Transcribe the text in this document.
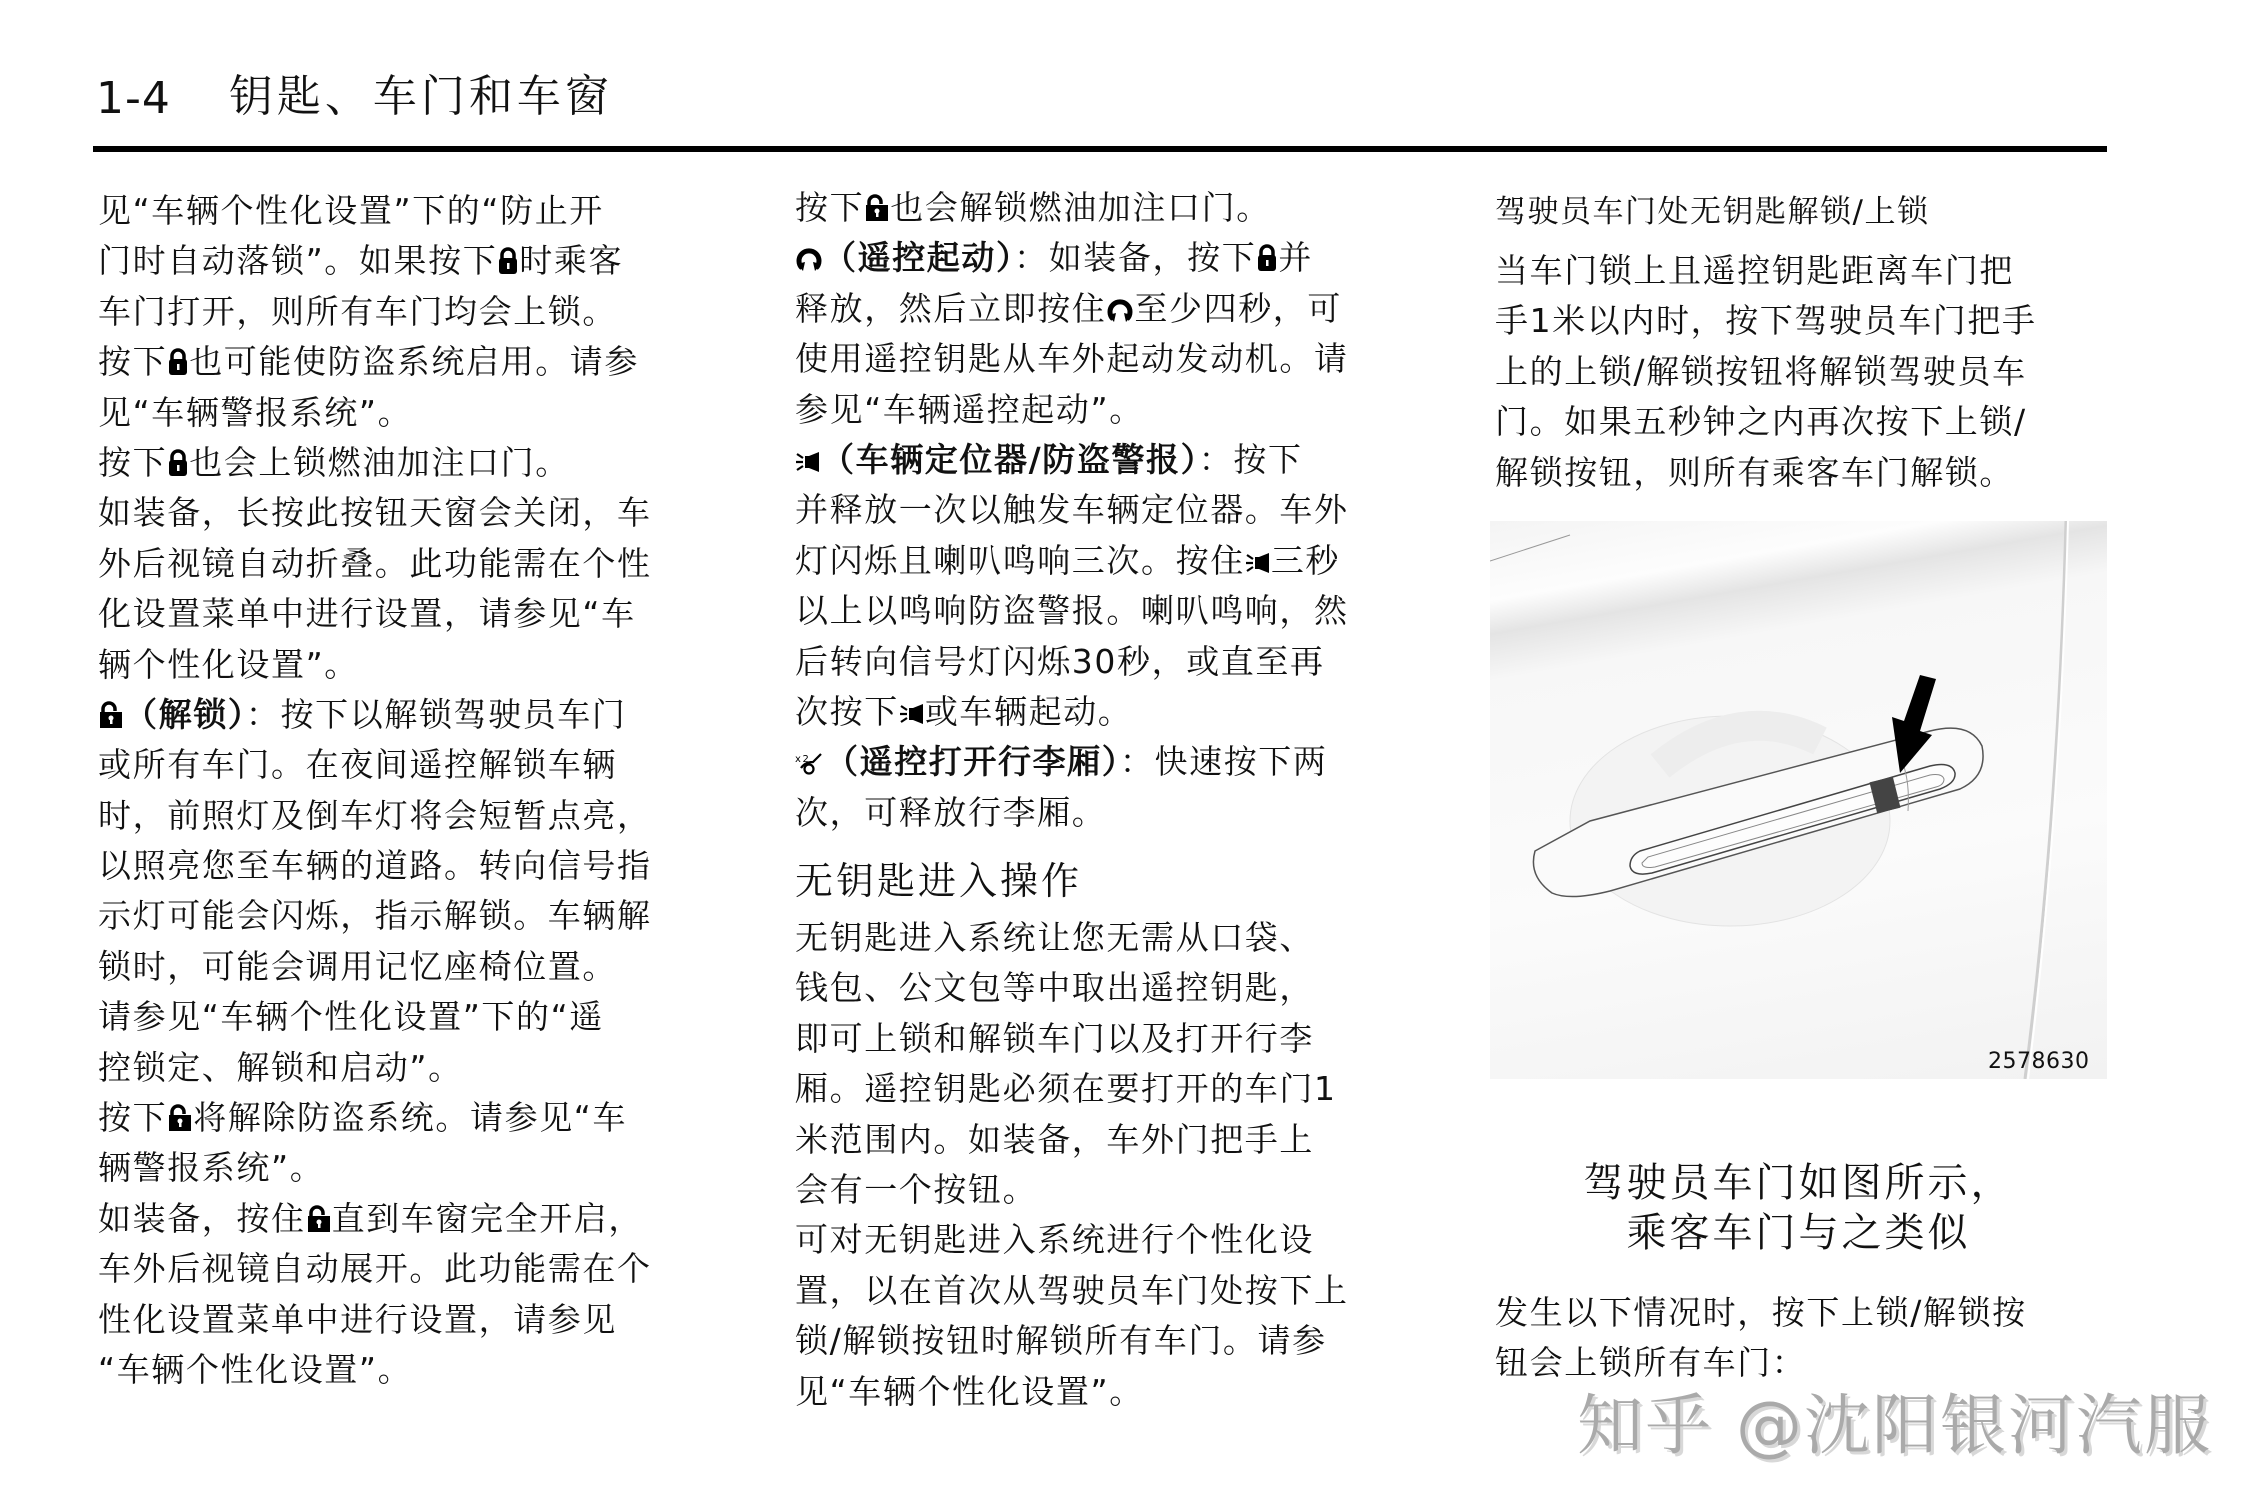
1-4 钥匙、车门和车窗
见“车辆个性化设置”下的“防止开
门时自动落锁”。如果按下 时乘客
车门打开，则所有车门均会上锁。
按下 也可能使防盗系统启用。请参
见“车辆警报系统”。
按下 也会上锁燃油加注口门。
如装备，长按此按钮天窗会关闭，车
外后视镜自动折叠。此功能需在个性
化设置菜单中进行设置，请参见“车
辆个性化设置”。
（解锁）：按下以解锁驾驶员车门
或所有车门。在夜间遥控解锁车辆
时，前照灯及倒车灯将会短暂点亮，
以照亮您至车辆的道路。转向信号指
示灯可能会闪烁，指示解锁。车辆解
锁时，可能会调用记忆座椅位置。
请参见“车辆个性化设置”下的“遥
控锁定、解锁和启动”。
按下 将解除防盗系统。请参见“车
辆警报系统”。
如装备，按住 直到车窗完全开启，
车外后视镜自动展开。此功能需在个
性化设置菜单中进行设置，请参见
“车辆个性化设置”。
按下 也会解锁燃油加注口门。
（遥控起动）：如装备，按下 并
释放，然后立即按住 至少四秒，可
使用遥控钥匙从车外起动发动机。请
参见“车辆遥控起动”。
（车辆定位器/防盗警报）：按下
并释放一次以触发车辆定位器。车外
灯闪烁且喇叭鸣响三次。按住 三秒
以上以鸣响防盗警报。喇叭鸣响，然
后转向信号灯闪烁30秒，或直至再
次按下 或车辆起动。
x2 （遥控打开行李厢）：快速按下两
次，可释放行李厢。
无钥匙进入操作
无钥匙进入系统让您无需从口袋、
钱包、公文包等中取出遥控钥匙，
即可上锁和解锁车门以及打开行李
厢。遥控钥匙必须在要打开的车门1
米范围内。如装备，车外门把手上
会有一个按钮。
可对无钥匙进入系统进行个性化设
置，以在首次从驾驶员车门处按下上
锁/解锁按钮时解锁所有车门。请参
见“车辆个性化设置”。
驾驶员车门处无钥匙解锁/上锁
当车门锁上且遥控钥匙距离车门把
手1米以内时，按下驾驶员车门把手
上的上锁/解锁按钮将解锁驾驶员车
门。如果五秒钟之内再次按下上锁/
解锁按钮，则所有乘客车门解锁。
2578630
驾驶员车门如图所示，
乘客车门与之类似
发生以下情况时，按下上锁/解锁按
钮会上锁所有车门：
知乎 @沈阳银河汽服
